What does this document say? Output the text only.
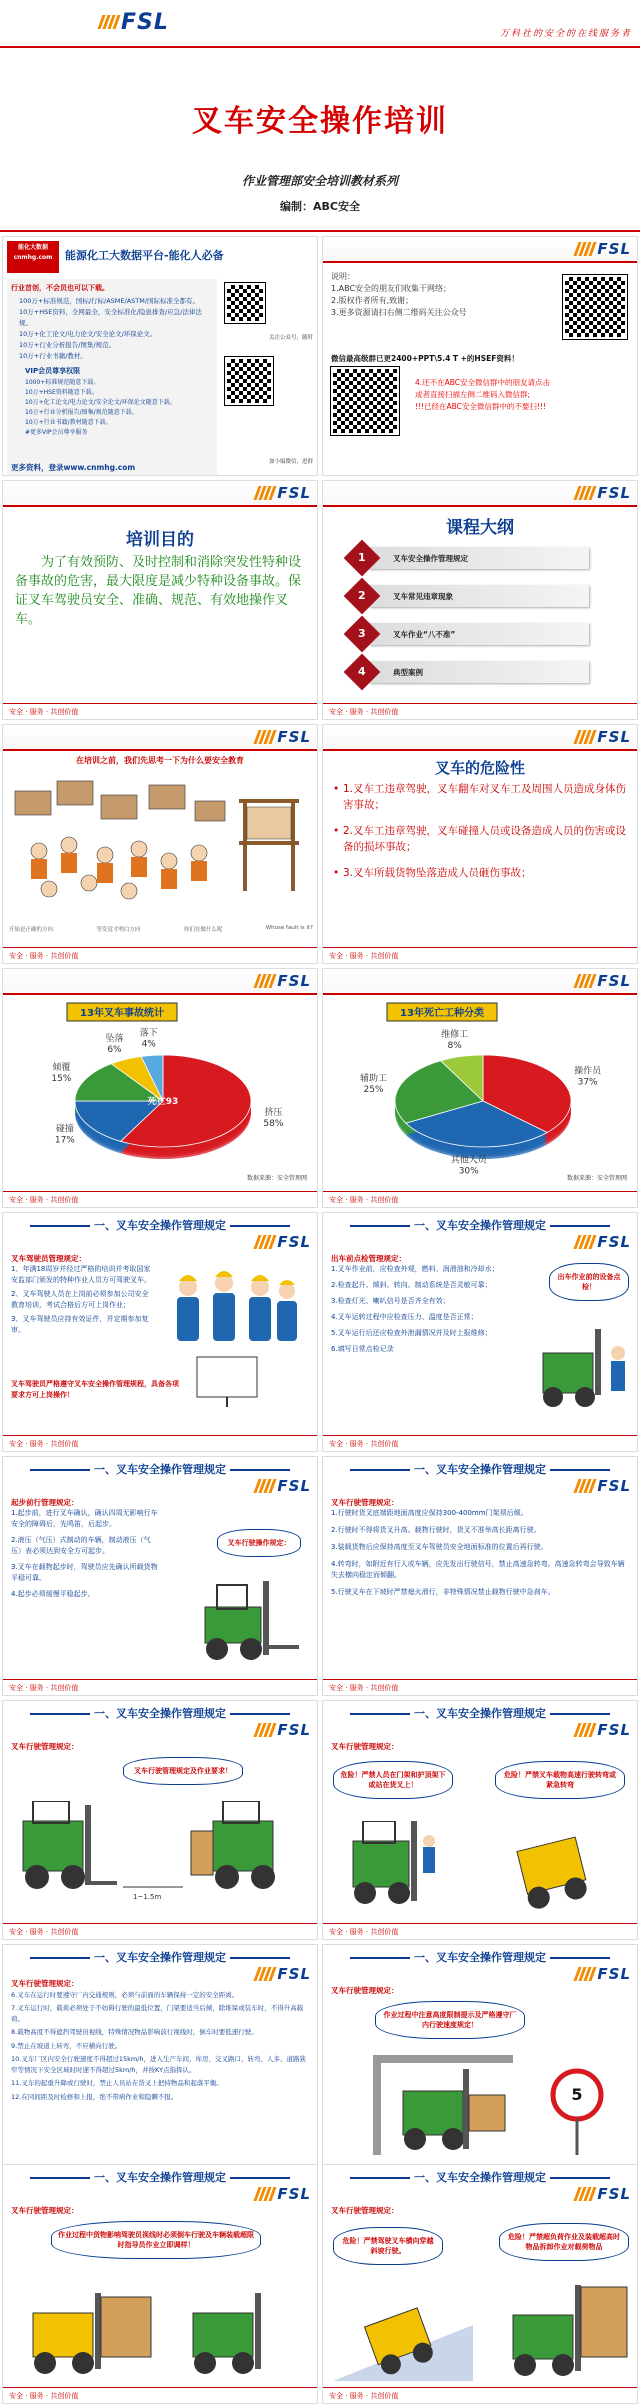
FSL	万科社的安全的在线服务者
叉车安全操作培训
作业管理部安全培训教材系列
编制：ABC安全
能化大数据
cnmhg.com	能源化工大数据平台-能化人必备
行业首创，不会员也可以下载。
100万+标准规范，国标/行标/ASME/ASTM/国际标准全都有。
10万+HSE资料，全网最全，安全标准化/隐患排查/应急/法律法规。
10万+化工论文/电力论文/安全论文/环保论文。
10万+行业分析报告/图集/规范。
10万+行业书籍/教材。
VIP会员尊享权限
1000+标准规范随意下载。
10万+HSE资料随意下载。
10万+化工论文/电力论文/安全论文/环保论文随意下载。
10万+行业分析报告/图集/规范随意下载。
10万+行业书籍/教材随意下载。
#更多VIP会员尊享服务
更多资料，登录www.cnmhg.com
关注公众号，随时
加小编微信，进群
FSL
说明：
1.ABC安全的朋友们收集干网络；
2.版权作者所有,致谢；
3.更多资源请扫右侧二维码关注公众号
微信最高级群已更2400+PPT\5.4 T +的HSEF资料！
4.还不在ABC安全微信群中的朋友请点击
或者直接扫描左侧二维码入微信群;
!!!已经在ABC安全微信群中的不要扫!!!
FSL
培训目的
为了有效预防、及时控制和消除突发性特种设备事故的危害，最大限度是减少特种设备事故。保证叉车驾驶员安全、准确、规范、有效地操作叉车。
安全 · 服务 · 共创价值
FSL
课程大纲
1	叉车安全操作管理规定
2	叉车常见违章现象
3	叉车作业“八不准”
4	典型案例
安全 · 服务 · 共创价值
FSL
在培训之前，我们先思考一下为什么要安全教育
开始是正确的方向	等发觉才明白方向	你们在做什么呢	Whose fault is it?
安全 · 服务 · 共创价值
FSL
叉车的危险性
• 1.叉车工违章驾驶，叉车翻车对叉车工及周围人员造成身体伤害事故；
• 2.叉车工违章驾驶，叉车碰撞人员或设备造成人员的伤害或设备的损坏事故；
• 3.叉车所载货物坠落造成人员砸伤事故；
安全 · 服务 · 共创价值
FSL
13年叉车事故统计
挤压
58%
碰撞
17%
倾覆
15%
坠落
6%
落下
4%
死亡93
数据来源：安全管理网
安全 · 服务 · 共创价值
FSL
13年死亡工种分类
操作员
37%
其他人员
30%
辅助工
25%
维修工
8%
数据来源：安全管理网
安全 · 服务 · 共创价值
一、叉车安全操作管理规定
FSL
叉车驾驶员管理规定：
1、年满18周岁并经过严格的培训并考取国家安监部门颁发的特种作业人员方可驾驶叉车。
2、叉车驾驶人员在上岗前必须参加公司安全教育培训，考试合格后方可上岗作业；
3、叉车驾驶员应持有效证件，并定期参加复审。
叉车驾驶员严格遵守叉车安全操作管理规程，具备各项要求方可上岗操作！
安全 · 服务 · 共创价值
一、叉车安全操作管理规定
FSL
出车前点检管理规定：
1.叉车作业前，应检查外观，燃料、润滑油和冷却水；
2.检查起升、倾斜、转向、制动系统是否灵敏可靠；
3.检查灯光、喇叭信号是否齐全有效；
4.叉车运转过程中应检查压力、温度是否正常；
5.叉车运行后还应检查外泄漏情况并及时上报维修；
6.填写日常点检记录
出车作业前的设备点检！
安全 · 服务 · 共创价值
一、叉车安全操作管理规定
FSL
起步前行管理规定：
1.起步前，进行叉车确认，确认四周无影响行车安全的障碍后，先鸣笛，后起步。
2.液压（气压）式制动的车辆，制动液压（气压）表必须达到安全方可起步。
3.叉车在载物起步时，驾驶员应先确认所载货物平稳可靠。
4.起步必须缓慢平稳起步。
叉车行驶操作规定：
安全 · 服务 · 共创价值
一、叉车安全操作管理规定
FSL
叉车行驶管理规定：
1.行驶时货叉底端距地面高度应保持300-400mm门架须后倾。
2.行驶时不得将货叉升高。载物行驶时，货叉不准举高长距离行驶。
3.装载货物后应保持高度至叉车驾驶员安全地面标准的位置后再行驶。
4.转弯时，如附近有行人或车辆，应先发出行驶信号，禁止高速急转弯。高速急转弯会导致车辆失去横向稳定而倾翻。
5.行驶叉车在下坡时严禁熄火滑行，非特殊情况禁止载物行驶中急刹车。
安全 · 服务 · 共创价值
一、叉车安全操作管理规定
FSL
叉车行驶管理规定：
叉车行驶管理规定及作业要求！
1~1.5m
安全 · 服务 · 共创价值
一、叉车安全操作管理规定
FSL
叉车行驶管理规定：
危险！严禁人员在门架和护顶架下或站在货叉上！
危险！严禁叉车载物高速行驶转弯或紧急转弯
安全 · 服务 · 共创价值
一、叉车安全操作管理规定
FSL
叉车行驶管理规定：
6.叉车在运行时要遵守厂内交通规则，必须与前面的车辆保持一定的安全距离。
7.叉车运行时，载荷必须处于不妨碍行驶的最低位置，门架要适当后倾，除堆垛或装车时，不得升高载荷。
8.载物高度不得遮挡驾驶员视线，特殊情况物品影响前行视线时，倒车时要低速行驶。
9.禁止在坡道上转弯，不应横向行驶。
10.叉车厂区内安全行驶速度不得超过15km/h，进入生产车间、库房、交叉路口、转弯、人多、道路狭窄等情况下安全区域时时速不得超过5km/h，并按KY点指挥认。
11.叉车的起重升降或行驶时，禁止人员站在货叉上把持物品和起落平衡。
12.在同间距及时检修和上报，绝不带病作业和隐瞒不报。
一、叉车安全操作管理规定
FSL
叉车行驶管理规定：
作业过程中注意高度限制提示及严格遵守厂内行驶速度规定！
5
一、叉车安全操作管理规定
FSL
叉车行驶管理规定：
作业过程中货物影响驾驶员视线时必须倒车行驶及车辆装载超限时指导员作业立即调样！
安全 · 服务 · 共创价值
一、叉车安全操作管理规定
FSL
叉车行驶管理规定：
危险！严禁驾驶叉车横向穿越斜坡行驶。
危险！严禁超负荷作业及装载超高时物品拆卸作业对载荷物品
安全 · 服务 · 共创价值
